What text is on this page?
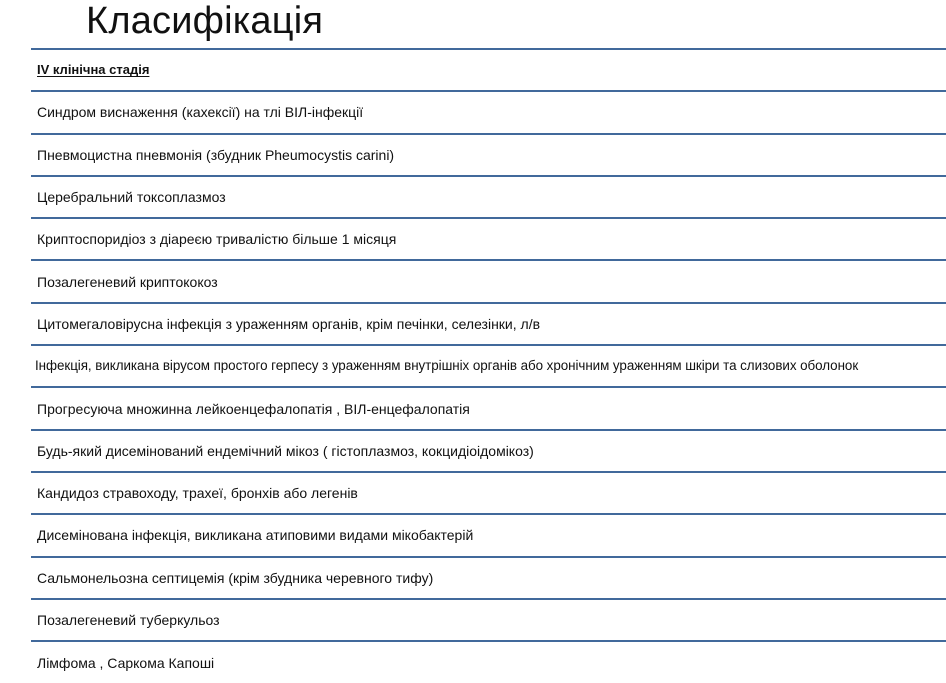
Класифікація
IV клінічна стадія
Синдром виснаження (кахексії) на тлі ВІЛ-інфекції
Пневмоцистна пневмонія (збудник Pheumocystis carini)
Церебральний токсоплазмоз
Криптоспоридіоз з діареєю тривалістю більше 1 місяця
Позалегеневий криптококоз
Цитомегаловірусна інфекція з ураженням органів, крім печінки, селезінки, л/в
Інфекція, викликана вірусом простого герпесу з ураженням внутрішніх органів або хронічним ураженням шкіри та слизових оболонок
Прогресуюча множинна лейкоенцефалопатія , ВІЛ-енцефалопатія
Будь-який дисемінований ендемічний мікоз ( гістоплазмоз, кокцидіоідомікоз)
Кандидоз стравоходу, трахеї, бронхів або легенів
Дисемінована інфекція, викликана атиповими видами мікобактерій
Сальмонельозна септицемія (крім збудника черевного тифу)
Позалегеневий туберкульоз
Лімфома , Саркома Капоші
